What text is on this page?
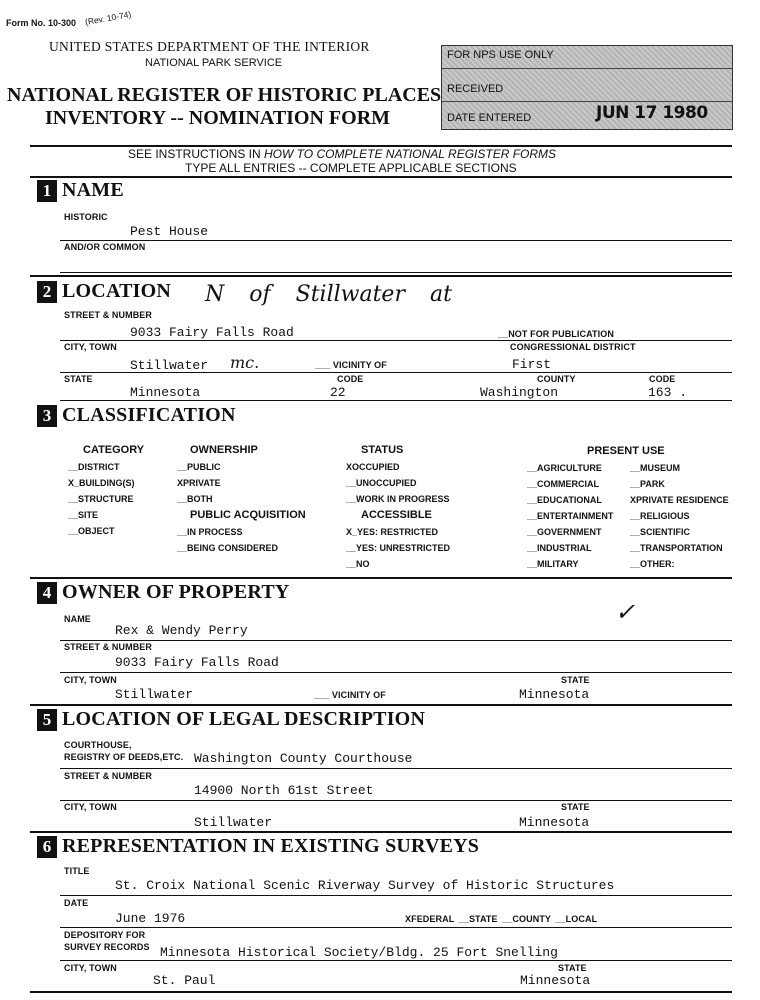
Form No. 10-300 (Rev. 10-74)
UNITED STATES DEPARTMENT OF THE INTERIOR
NATIONAL PARK SERVICE
NATIONAL REGISTER OF HISTORIC PLACES
INVENTORY -- NOMINATION FORM
FOR NPS USE ONLY
RECEIVED
DATE ENTERED	JUN 17 1980
SEE INSTRUCTIONS IN HOW TO COMPLETE NATIONAL REGISTER FORMS
TYPE ALL ENTRIES -- COMPLETE APPLICABLE SECTIONS
1 NAME
HISTORIC
Pest House
AND/OR COMMON
2 LOCATION N of Stillwater at
STREET & NUMBER
9033 Fairy Falls Road	__NOT FOR PUBLICATION
CITY, TOWN	CONGRESSIONAL DISTRICT
Stillwater mc.	___ VICINITY OF	First
STATE	CODE	COUNTY	CODE
Minnesota	22	Washington	163 .
3 CLASSIFICATION
CATEGORY
__DISTRICT
X_BUILDING(S)
__STRUCTURE
__SITE
__OBJECT
OWNERSHIP
__PUBLIC
XPRIVATE
__BOTH
PUBLIC ACQUISITION
__IN PROCESS
__BEING CONSIDERED
STATUS
XOCCUPIED
__UNOCCUPIED
__WORK IN PROGRESS
ACCESSIBLE
X_YES: RESTRICTED
__YES: UNRESTRICTED
__NO
PRESENT USE
__AGRICULTURE
__COMMERCIAL
__EDUCATIONAL
__ENTERTAINMENT
__GOVERNMENT
__INDUSTRIAL
__MILITARY
__MUSEUM
__PARK
XPRIVATE RESIDENCE
__RELIGIOUS
__SCIENTIFIC
__TRANSPORTATION
__OTHER:
4 OWNER OF PROPERTY
NAME
Rex & Wendy Perry
✓
STREET & NUMBER
9033 Fairy Falls Road
CITY, TOWN	STATE
Stillwater	___ VICINITY OF	Minnesota
5 LOCATION OF LEGAL DESCRIPTION
COURTHOUSE,
REGISTRY OF DEEDS,ETC. Washington County Courthouse
STREET & NUMBER
14900 North 61st Street
CITY, TOWN	STATE
Stillwater	Minnesota
6 REPRESENTATION IN EXISTING SURVEYS
TITLE
St. Croix National Scenic Riverway Survey of Historic Structures
DATE
June 1976	XFEDERAL __STATE __COUNTY __LOCAL
DEPOSITORY FOR
SURVEY RECORDS Minnesota Historical Society/Bldg. 25 Fort Snelling
CITY, TOWN	STATE
St. Paul	Minnesota
